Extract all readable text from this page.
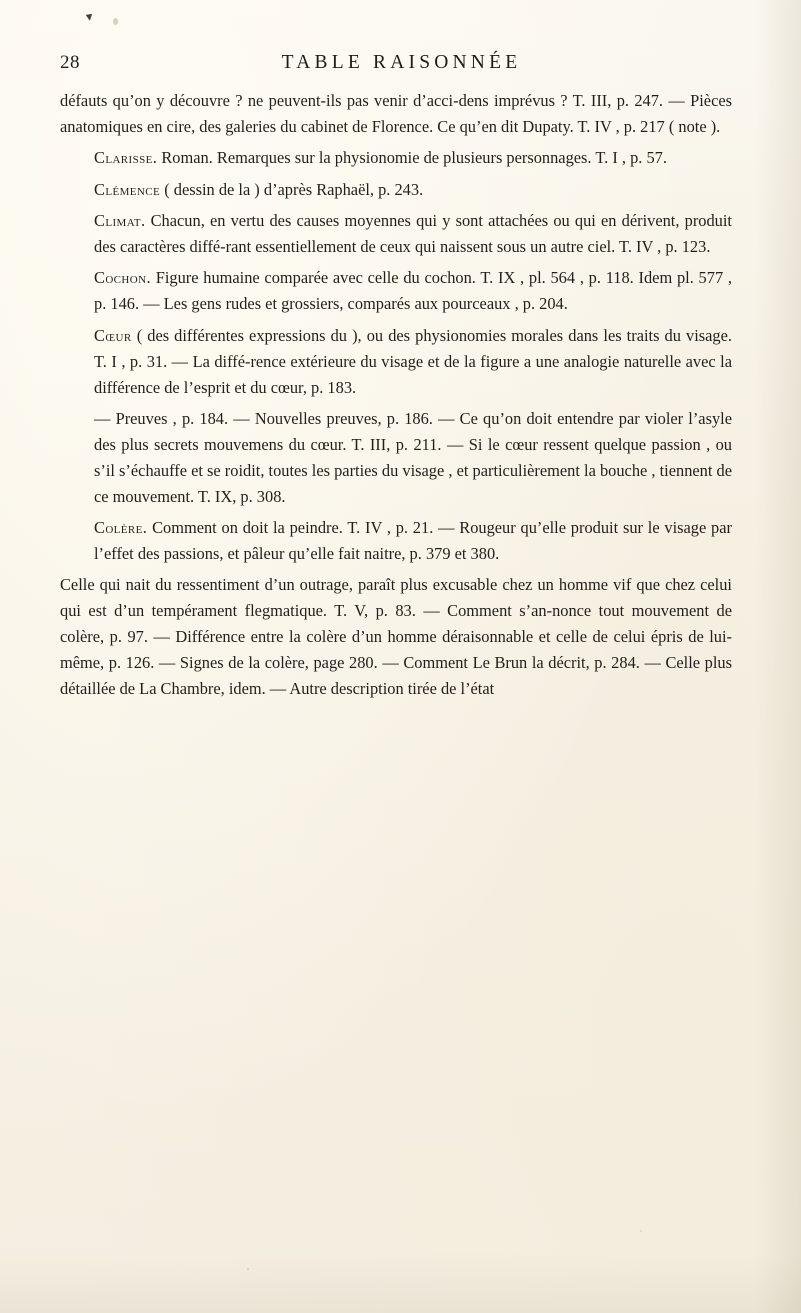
28	TABLE RAISONNÉE

défauts qu’on y découvre ? ne peuvent-ils pas venir d’acci-dens imprévus ? T. III, p. 247. — Pièces anatomiques en cire, des galeries du cabinet de Florence. Ce qu’en dit Dupaty. T. IV , p. 217 ( note ).

Clarisse. Roman. Remarques sur la physionomie de plusieurs personnages. T. I , p. 57.

Clémence ( dessin de la ) d’après Raphaël, p. 243.

Climat. Chacun, en vertu des causes moyennes qui y sont attachées ou qui en dérivent, produit des caractères diffé-rant essentiellement de ceux qui naissent sous un autre ciel. T. IV , p. 123.

Cochon. Figure humaine comparée avec celle du cochon. T. IX , pl. 564 , p. 118. Idem pl. 577 , p. 146. — Les gens rudes et grossiers, comparés aux pourceaux , p. 204.

Cœur ( des différentes expressions du ), ou des physionomies morales dans les traits du visage. T. I , p. 31. — La diffé-rence extérieure du visage et de la figure a une analogie naturelle avec la différence de l’esprit et du cœur, p. 183.

— Preuves , p. 184. — Nouvelles preuves, p. 186. — Ce qu’on doit entendre par violer l’asyle des plus secrets mouvemens du cœur. T. III, p. 211. — Si le cœur ressent quelque passion , ou s’il s’échauffe et se roidit, toutes les parties du visage , et particulièrement la bouche , tiennent de ce mouvement. T. IX, p. 308.

Colère. Comment on doit la peindre. T. IV , p. 21. — Rougeur qu’elle produit sur le visage par l’effet des passions, et pâleur qu’elle fait naitre, p. 379 et 380.

Celle qui nait du ressentiment d’un outrage, paraît plus excusable chez un homme vif que chez celui qui est d’un tempérament flegmatique. T. V, p. 83. — Comment s’an-nonce tout mouvement de colère, p. 97. — Différence entre la colère d’un homme déraisonnable et celle de celui épris de lui-même, p. 126. — Signes de la colère, page 280. — Comment Le Brun la décrit, p. 284. — Celle plus détaillée de La Chambre, idem. — Autre description tirée de l’état

▾
